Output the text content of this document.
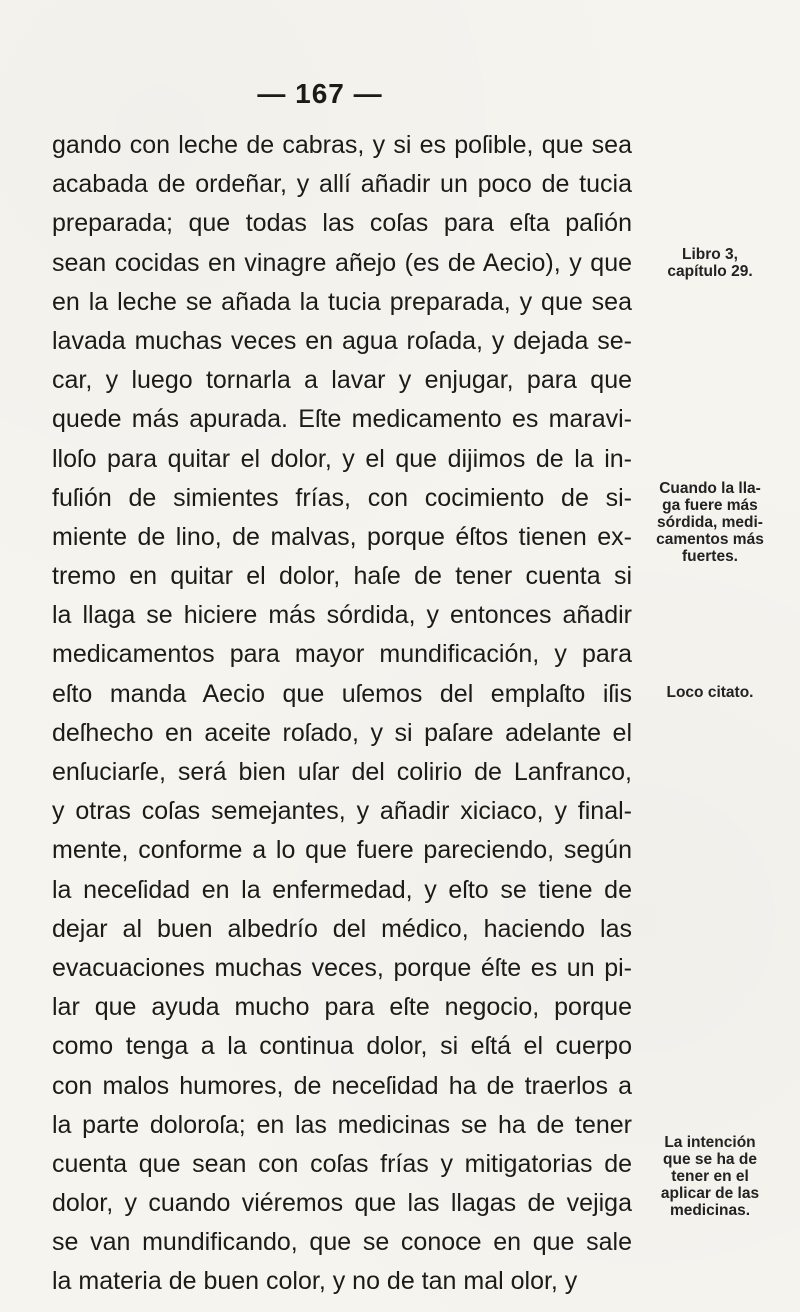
— 167 —
gando con leche de cabras, y si es poſible, que sea
acabada de ordeñar, y allí añadir un poco de tucia
preparada; que todas las coſas para eſta paſión
sean cocidas en vinagre añejo (es de Aecio), y que
en la leche se añada la tucia preparada, y que sea
lavada muchas veces en agua roſada, y dejada se-
car, y luego tornarla a lavar y enjugar, para que
quede más apurada. Eſte medicamento es maravi-
lloſo para quitar el dolor, y el que dijimos de la in-
fuſión de simientes frías, con cocimiento de si-
miente de lino, de malvas, porque éſtos tienen ex-
tremo en quitar el dolor, haſe de tener cuenta si
la llaga se hiciere más sórdida, y entonces añadir
medicamentos para mayor mundificación, y para
eſto manda Aecio que uſemos del emplaſto iſis
deſhecho en aceite roſado, y si paſare adelante el
enſuciarſe, será bien uſar del colirio de Lanfranco,
y otras coſas semejantes, y añadir xiciaco, y final-
mente, conforme a lo que fuere pareciendo, según
la neceſidad en la enfermedad, y eſto se tiene de
dejar al buen albedrío del médico, haciendo las
evacuaciones muchas veces, porque éſte es un pi-
lar que ayuda mucho para eſte negocio, porque
como tenga a la continua dolor, si eſtá el cuerpo
con malos humores, de neceſidad ha de traerlos a
la parte doloroſa; en las medicinas se ha de tener
cuenta que sean con coſas frías y mitigatorias de
dolor, y cuando viéremos que las llagas de vejiga
se van mundificando, que se conoce en que sale
la materia de buen color, y no de tan mal olor, y
Libro 3,
capítulo 29.
Cuando la lla-
ga fuere más
sórdida, medi-
camentos más
fuertes.
Loco citato.
La intención
que se ha de
tener en el
aplicar de las
medicinas.
